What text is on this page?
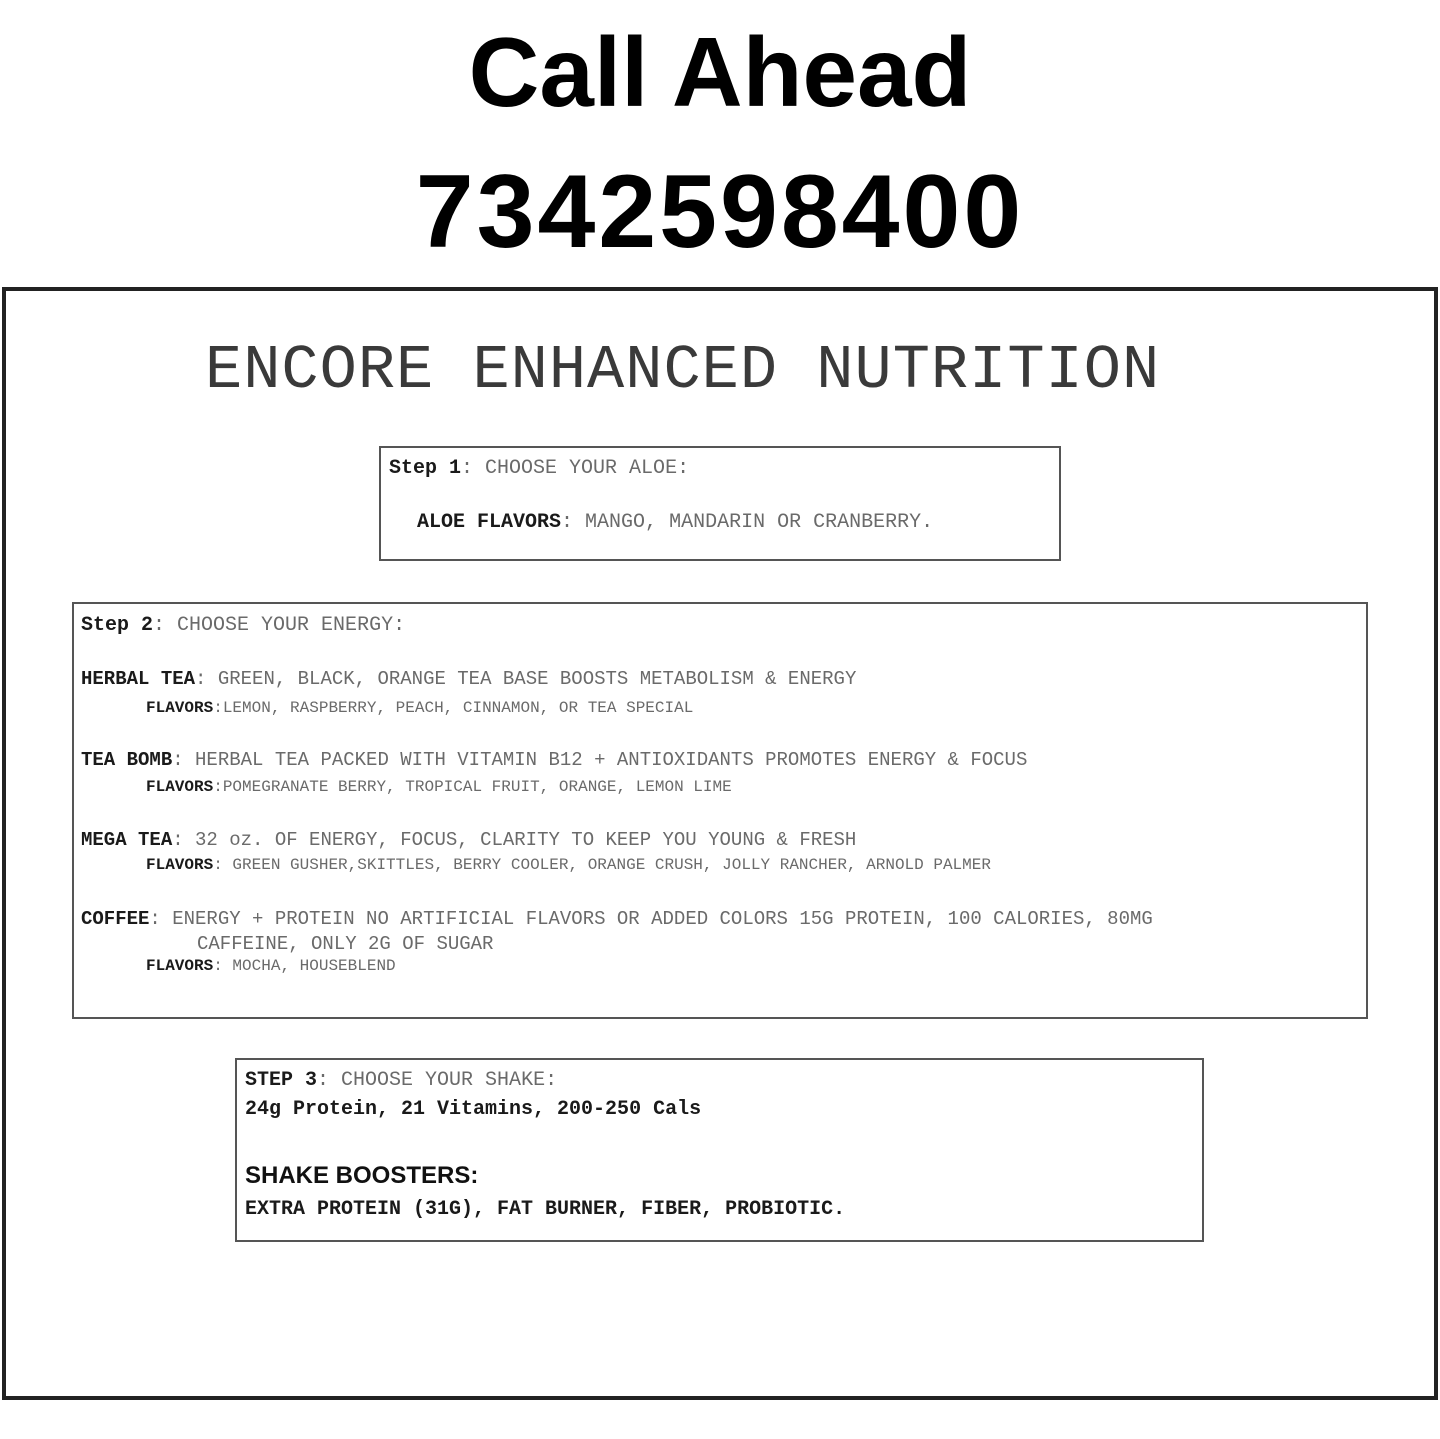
Call Ahead
7342598400
ENCORE ENHANCED NUTRITION
Step 1: CHOOSE YOUR ALOE:
ALOE FLAVORS: MANGO, MANDARIN OR CRANBERRY.
Step 2: CHOOSE YOUR ENERGY:
HERBAL TEA: GREEN, BLACK, ORANGE TEA BASE BOOSTS METABOLISM & ENERGY
FLAVORS:LEMON, RASPBERRY, PEACH, CINNAMON, OR TEA SPECIAL
TEA BOMB: HERBAL TEA PACKED WITH VITAMIN B12 + ANTIOXIDANTS PROMOTES ENERGY & FOCUS
FLAVORS:POMEGRANATE BERRY, TROPICAL FRUIT, ORANGE, LEMON LIME
MEGA TEA: 32 oz. OF ENERGY, FOCUS, CLARITY TO KEEP YOU YOUNG & FRESH
FLAVORS: GREEN GUSHER,SKITTLES, BERRY COOLER, ORANGE CRUSH, JOLLY RANCHER, ARNOLD PALMER
COFFEE: ENERGY + PROTEIN NO ARTIFICIAL FLAVORS OR ADDED COLORS 15G PROTEIN, 100 CALORIES, 80MG
CAFFEINE, ONLY 2G OF SUGAR
FLAVORS: MOCHA, HOUSEBLEND
STEP 3: CHOOSE YOUR SHAKE:
24g Protein, 21 Vitamins, 200-250 Cals
SHAKE BOOSTERS:
EXTRA PROTEIN (31G), FAT BURNER, FIBER, PROBIOTIC.
